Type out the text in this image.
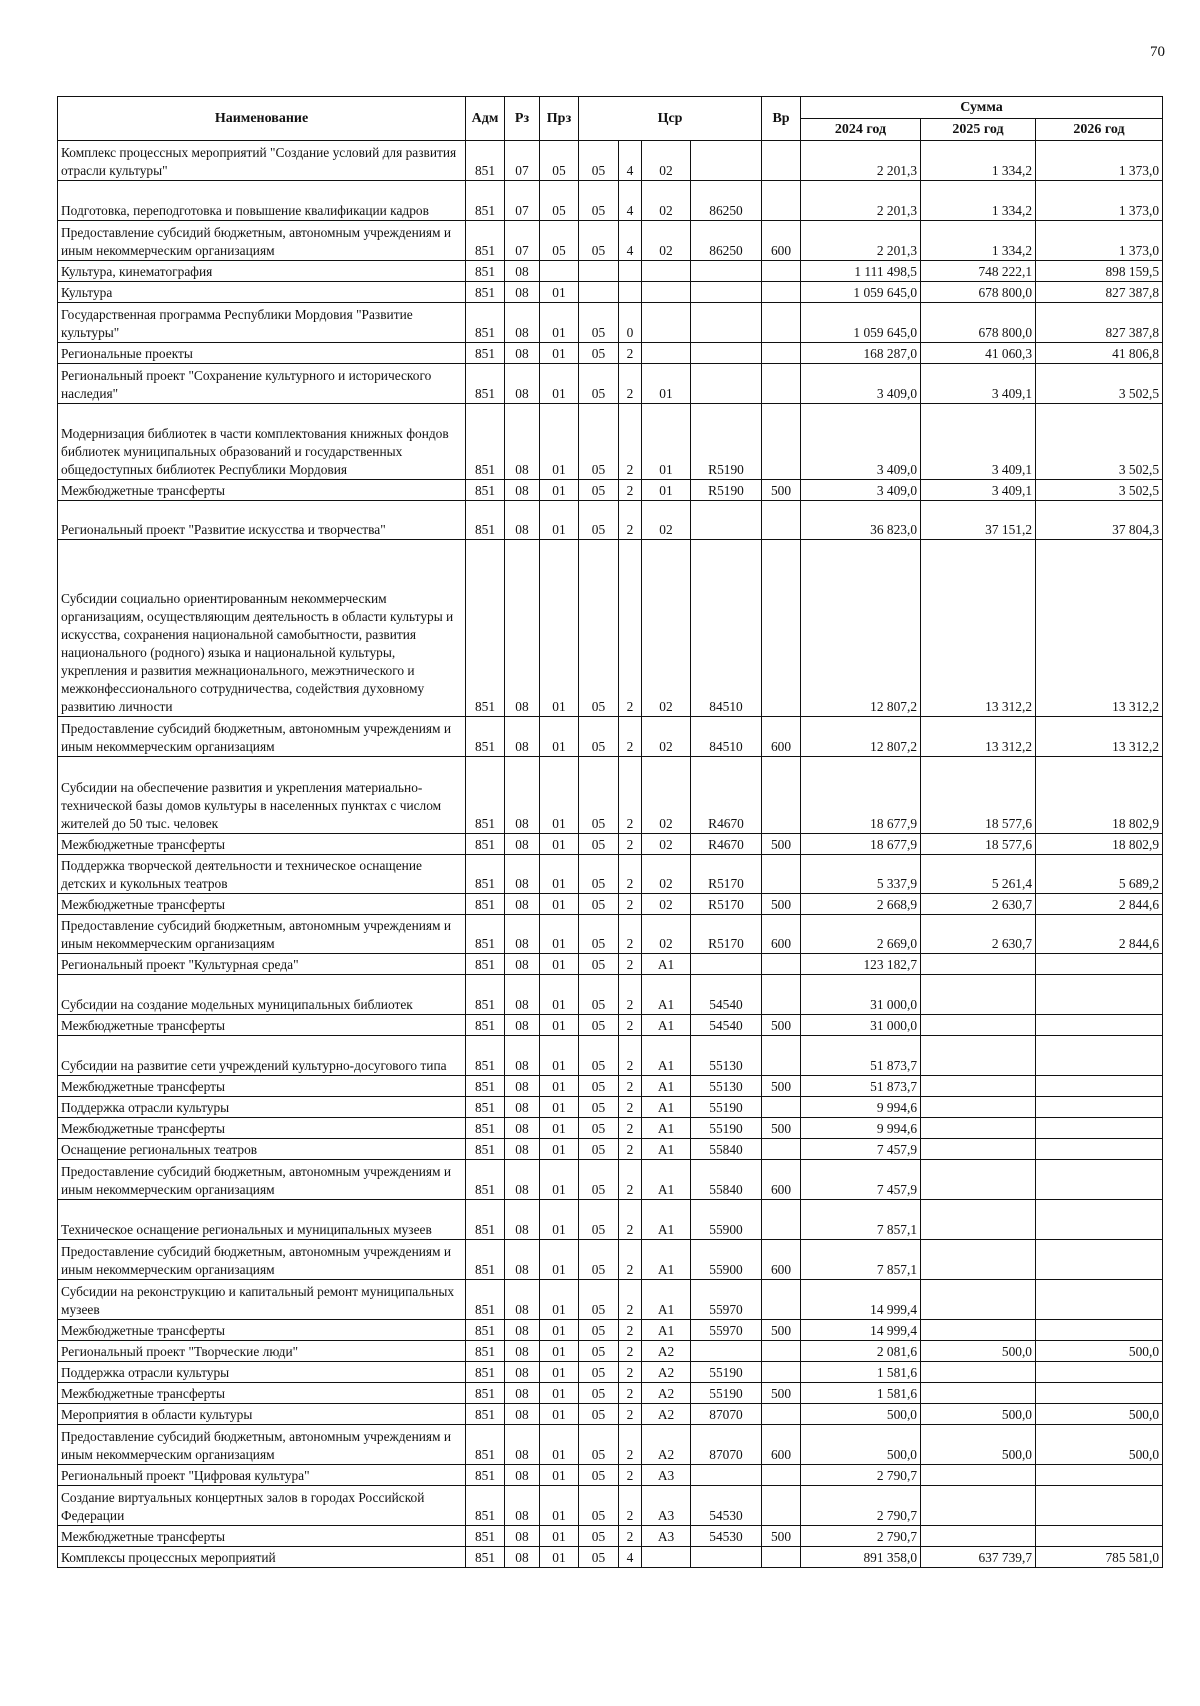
70
Наименование	Адм	Рз	Прз	Цср				Вр	Сумма		
									2024 год	2025 год	2026 год
Комплекс процессных мероприятий "Создание условий для развития отрасли культуры"	851	07	05	05	4	02			2 201,3	1 334,2	1 373,0
Подготовка, переподготовка и повышение квалификации кадров	851	07	05	05	4	02	86250		2 201,3	1 334,2	1 373,0
Предоставление субсидий бюджетным, автономным учреждениям и иным некоммерческим организациям	851	07	05	05	4	02	86250	600	2 201,3	1 334,2	1 373,0
Культура, кинематография	851	08							1 111 498,5	748 222,1	898 159,5
Культура	851	08	01						1 059 645,0	678 800,0	827 387,8
Государственная программа Республики Мордовия "Развитие культуры"	851	08	01	05	0				1 059 645,0	678 800,0	827 387,8
Региональные проекты	851	08	01	05	2				168 287,0	41 060,3	41 806,8
Региональный проект "Сохранение культурного и исторического наследия"	851	08	01	05	2	01			3 409,0	3 409,1	3 502,5
Модернизация библиотек в части комплектования книжных фондов библиотек муниципальных образований и государственных общедоступных библиотек Республики Мордовия	851	08	01	05	2	01	R5190		3 409,0	3 409,1	3 502,5
Межбюджетные трансферты	851	08	01	05	2	01	R5190	500	3 409,0	3 409,1	3 502,5
Региональный проект "Развитие искусства и творчества"	851	08	01	05	2	02			36 823,0	37 151,2	37 804,3
Субсидии социально ориентированным некоммерческим организациям, осуществляющим деятельность в области культуры и искусства, сохранения национальной самобытности, развития национального (родного) языка и национальной культуры, укрепления и развития межнационального, межэтнического и межконфессионального сотрудничества, содействия духовному развитию личности	851	08	01	05	2	02	84510		12 807,2	13 312,2	13 312,2
Предоставление субсидий бюджетным, автономным учреждениям и иным некоммерческим организациям	851	08	01	05	2	02	84510	600	12 807,2	13 312,2	13 312,2
Субсидии на обеспечение развития и укрепления материально-технической базы домов культуры в населенных пунктах с числом жителей до 50 тыс. человек	851	08	01	05	2	02	R4670		18 677,9	18 577,6	18 802,9
Межбюджетные трансферты	851	08	01	05	2	02	R4670	500	18 677,9	18 577,6	18 802,9
Поддержка творческой деятельности и техническое оснащение детских и кукольных театров	851	08	01	05	2	02	R5170		5 337,9	5 261,4	5 689,2
Межбюджетные трансферты	851	08	01	05	2	02	R5170	500	2 668,9	2 630,7	2 844,6
Предоставление субсидий бюджетным, автономным учреждениям и иным некоммерческим организациям	851	08	01	05	2	02	R5170	600	2 669,0	2 630,7	2 844,6
Региональный проект "Культурная среда"	851	08	01	05	2	A1			123 182,7		
Субсидии на создание модельных муниципальных библиотек	851	08	01	05	2	A1	54540		31 000,0		
Межбюджетные трансферты	851	08	01	05	2	A1	54540	500	31 000,0		
Субсидии на развитие сети учреждений культурно-досугового типа	851	08	01	05	2	A1	55130		51 873,7		
Межбюджетные трансферты	851	08	01	05	2	A1	55130	500	51 873,7		
Поддержка отрасли культуры	851	08	01	05	2	A1	55190		9 994,6		
Межбюджетные трансферты	851	08	01	05	2	A1	55190	500	9 994,6		
Оснащение региональных театров	851	08	01	05	2	A1	55840		7 457,9		
Предоставление субсидий бюджетным, автономным учреждениям и иным некоммерческим организациям	851	08	01	05	2	A1	55840	600	7 457,9		
Техническое оснащение региональных и муниципальных музеев	851	08	01	05	2	A1	55900		7 857,1		
Предоставление субсидий бюджетным, автономным учреждениям и иным некоммерческим организациям	851	08	01	05	2	A1	55900	600	7 857,1		
Субсидии на реконструкцию и капитальный ремонт муниципальных музеев	851	08	01	05	2	A1	55970		14 999,4		
Межбюджетные трансферты	851	08	01	05	2	A1	55970	500	14 999,4		
Региональный проект "Творческие люди"	851	08	01	05	2	A2			2 081,6	500,0	500,0
Поддержка отрасли культуры	851	08	01	05	2	A2	55190		1 581,6		
Межбюджетные трансферты	851	08	01	05	2	A2	55190	500	1 581,6		
Мероприятия в области культуры	851	08	01	05	2	A2	87070		500,0	500,0	500,0
Предоставление субсидий бюджетным, автономным учреждениям и иным некоммерческим организациям	851	08	01	05	2	A2	87070	600	500,0	500,0	500,0
Региональный проект "Цифровая культура"	851	08	01	05	2	A3			2 790,7		
Создание виртуальных концертных залов в городах Российской Федерации	851	08	01	05	2	A3	54530		2 790,7		
Межбюджетные трансферты	851	08	01	05	2	A3	54530	500	2 790,7		
Комплексы процессных мероприятий	851	08	01	05	4				891 358,0	637 739,7	785 581,0
